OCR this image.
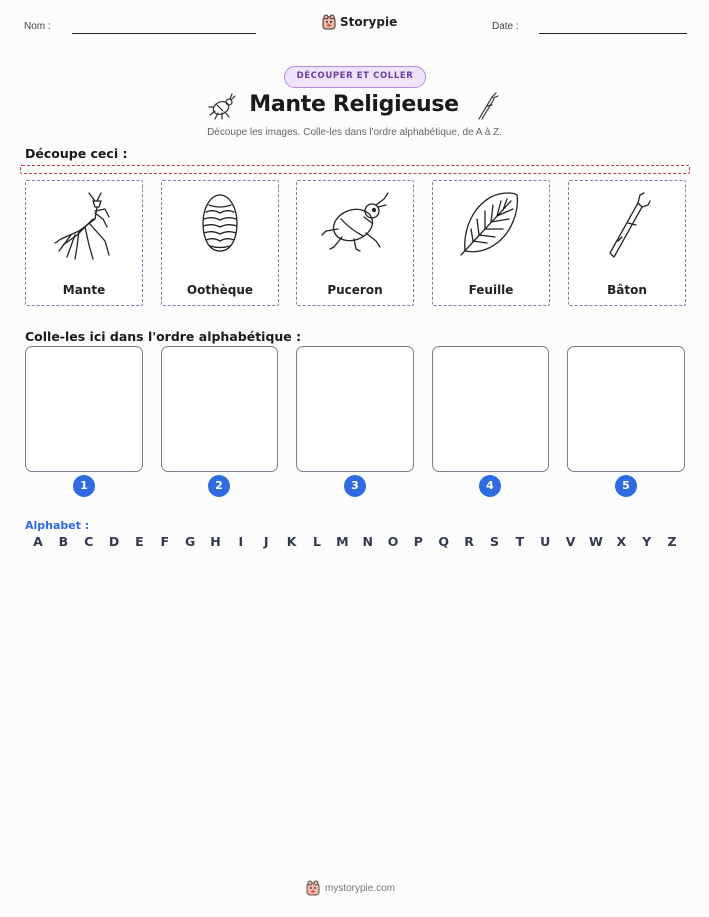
Nom :	Storypie	Date :
DÉCOUPER ET COLLER
Mante Religieuse
Découpe les images. Colle-les dans l'ordre alphabétique, de A à Z.
Découpe ceci :
Mante	Oothèque	Puceron	Feuille	Bâton
Colle-les ici dans l'ordre alphabétique :
1	2	3	4	5
Alphabet :
A B C D E F G H	I	J	K L M N O P Q R S T U V W X Y Z
mystorypie.com
